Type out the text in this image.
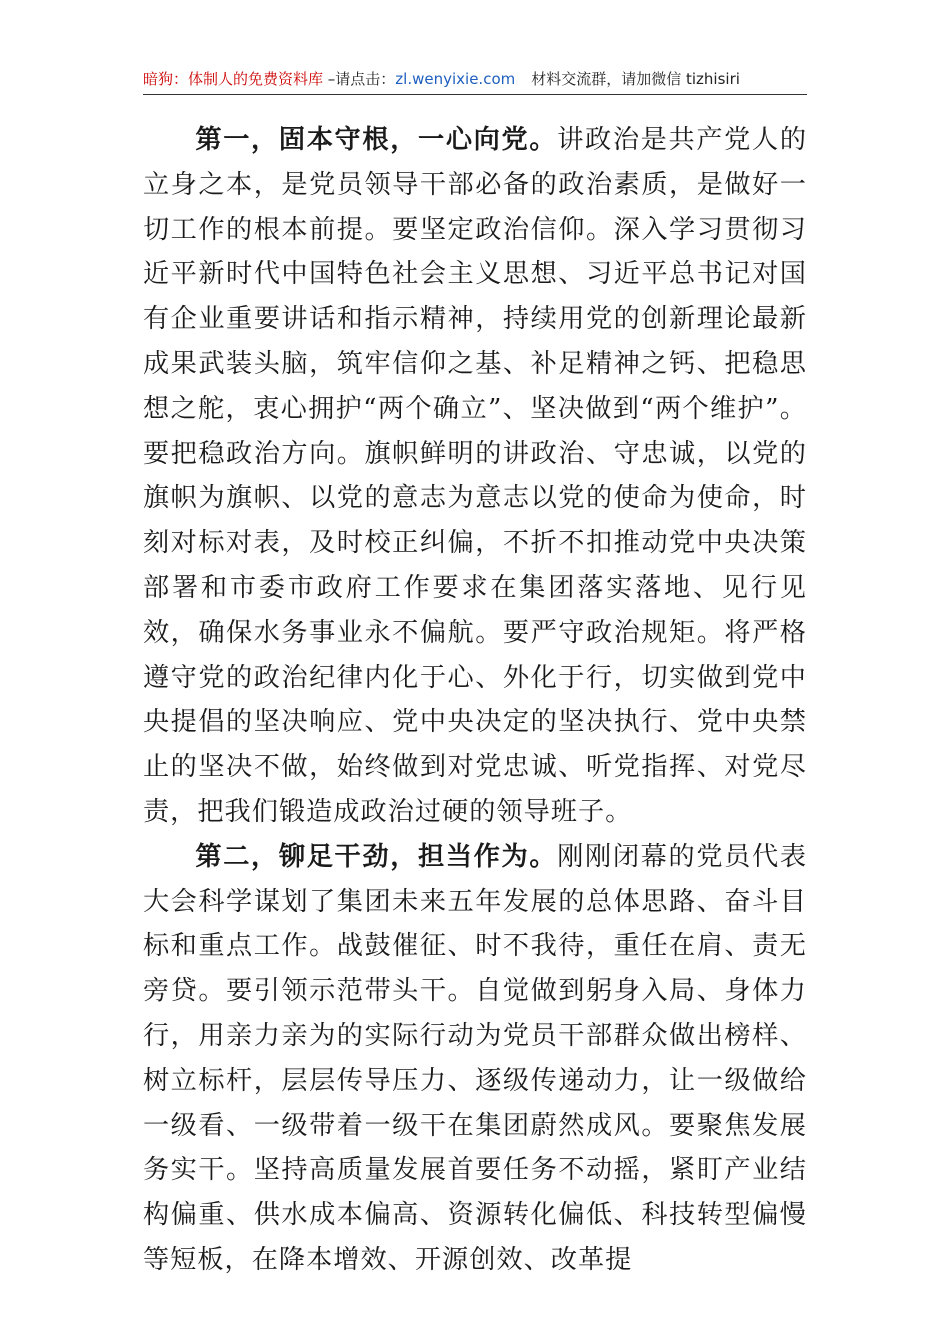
暗狗：体制人的免费资料库 –请点击：zl.wenyixie.com 材料交流群，请加微信 tizhisiri

第一，固本守根，一心向党。讲政治是共产党人的立身之本，是党员领导干部必备的政治素质，是做好一切工作的根本前提。要坚定政治信仰。深入学习贯彻习近平新时代中国特色社会主义思想、习近平总书记对国有企业重要讲话和指示精神，持续用党的创新理论最新成果武装头脑，筑牢信仰之基、补足精神之钙、把稳思想之舵，衷心拥护“两个确立”、坚决做到“两个维护”。要把稳政治方向。旗帜鲜明的讲政治、守忠诚，以党的旗帜为旗帜、以党的意志为意志以党的使命为使命，时刻对标对表，及时校正纠偏，不折不扣推动党中央决策部署和市委市政府工作要求在集团落实落地、见行见效，确保水务事业永不偏航。要严守政治规矩。将严格遵守党的政治纪律内化于心、外化于行，切实做到党中央提倡的坚决响应、党中央决定的坚决执行、党中央禁止的坚决不做，始终做到对党忠诚、听党指挥、对党尽责，把我们锻造成政治过硬的领导班子。

第二，铆足干劲，担当作为。刚刚闭幕的党员代表大会科学谋划了集团未来五年发展的总体思路、奋斗目标和重点工作。战鼓催征、时不我待，重任在肩、责无旁贷。要引领示范带头干。自觉做到躬身入局、身体力行，用亲力亲为的实际行动为党员干部群众做出榜样、树立标杆，层层传导压力、逐级传递动力，让一级做给一级看、一级带着一级干在集团蔚然成风。要聚焦发展务实干。坚持高质量发展首要任务不动摇，紧盯产业结构偏重、供水成本偏高、资源转化偏低、科技转型偏慢等短板，在降本增效、开源创效、改革提
